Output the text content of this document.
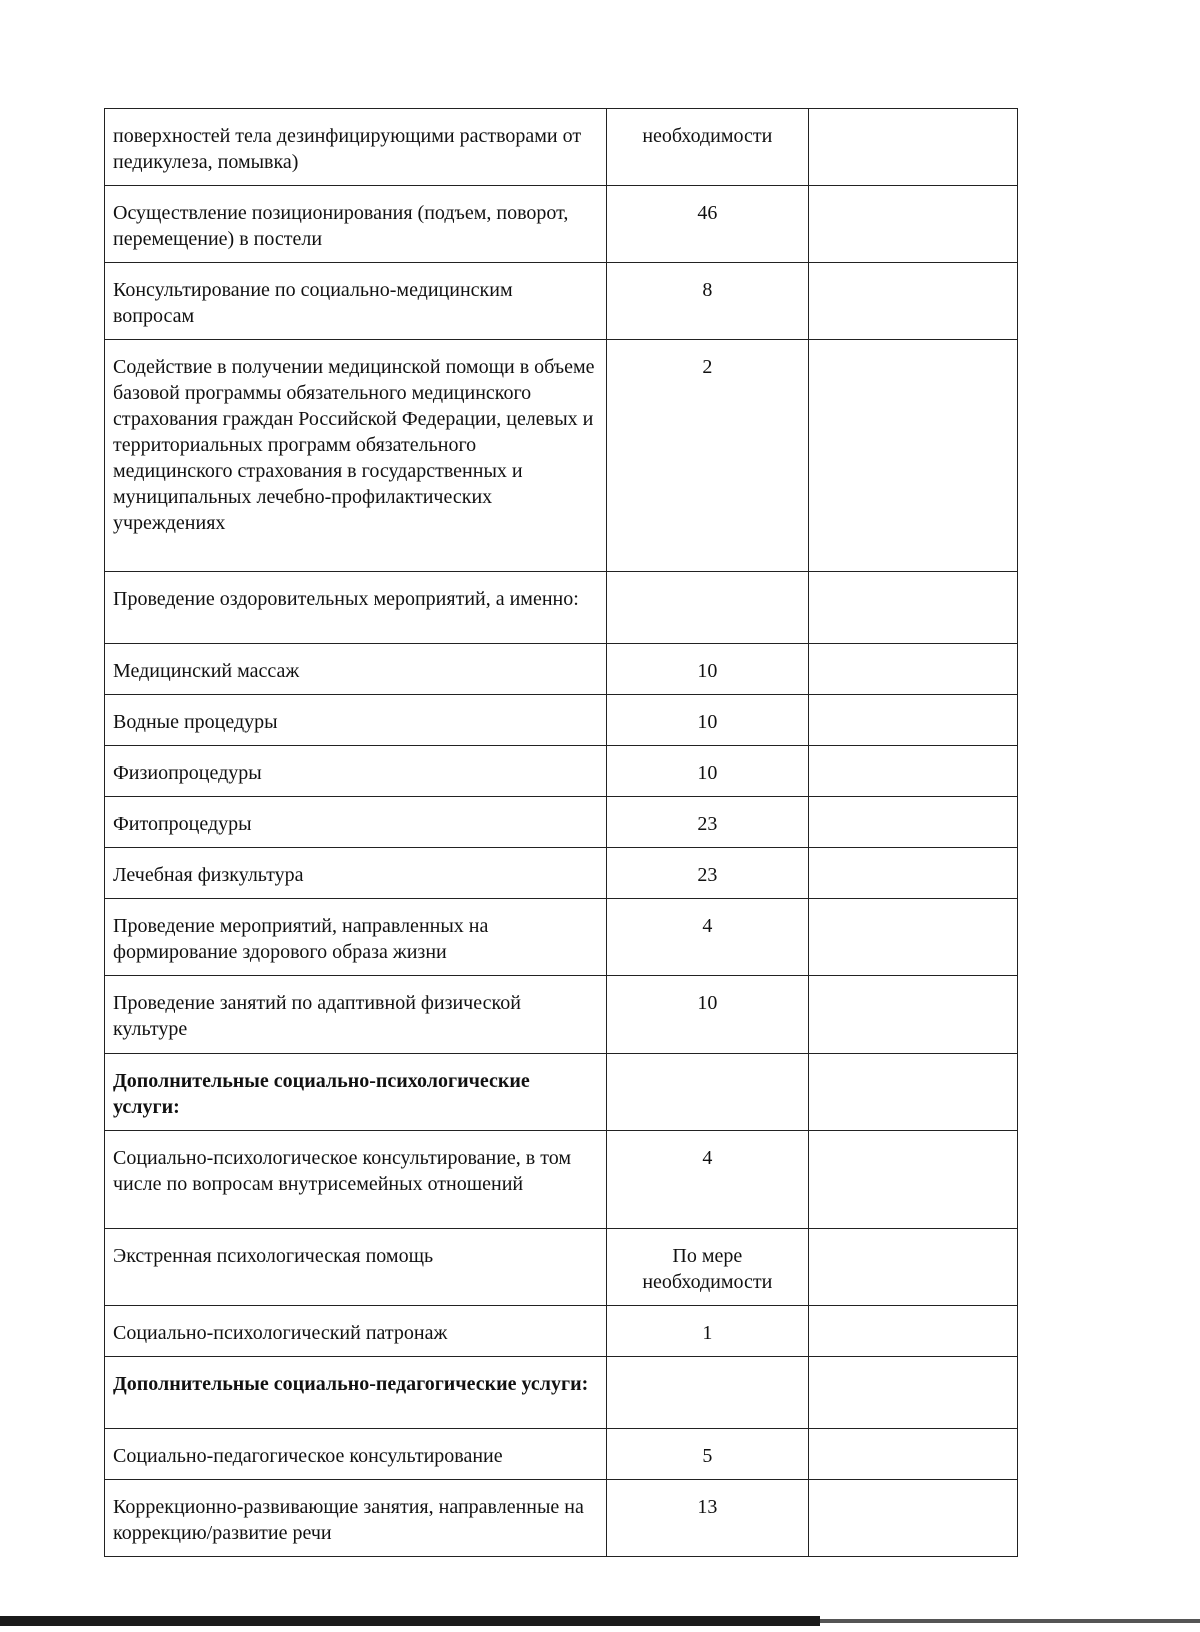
поверхностей тела дезинфицирующими растворами от педикулеза, помывка)	необходимости	
Осуществление позиционирования (подъем, поворот, перемещение) в постели	46	
Консультирование по социально-медицинским вопросам	8	
Содействие в получении медицинской помощи в объеме базовой программы обязательного медицинского страхования граждан Российской Федерации, целевых и территориальных программ обязательного медицинского страхования в государственных и муниципальных лечебно-профилактических учреждениях	2	
Проведение оздоровительных мероприятий, а именно:		
Медицинский массаж	10	
Водные процедуры	10	
Физиопроцедуры	10	
Фитопроцедуры	23	
Лечебная физкультура	23	
Проведение мероприятий, направленных на формирование здорового образа жизни	4	
Проведение занятий по адаптивной физической культуре	10	
Дополнительные социально-психологические услуги:		
Социально-психологическое консультирование, в том числе по вопросам внутрисемейных отношений	4	
Экстренная психологическая помощь	По мере необходимости	
Социально-психологический патронаж	1	
Дополнительные социально-педагогические услуги:		
Социально-педагогическое консультирование	5	
Коррекционно-развивающие занятия, направленные на коррекцию/развитие речи	13	
